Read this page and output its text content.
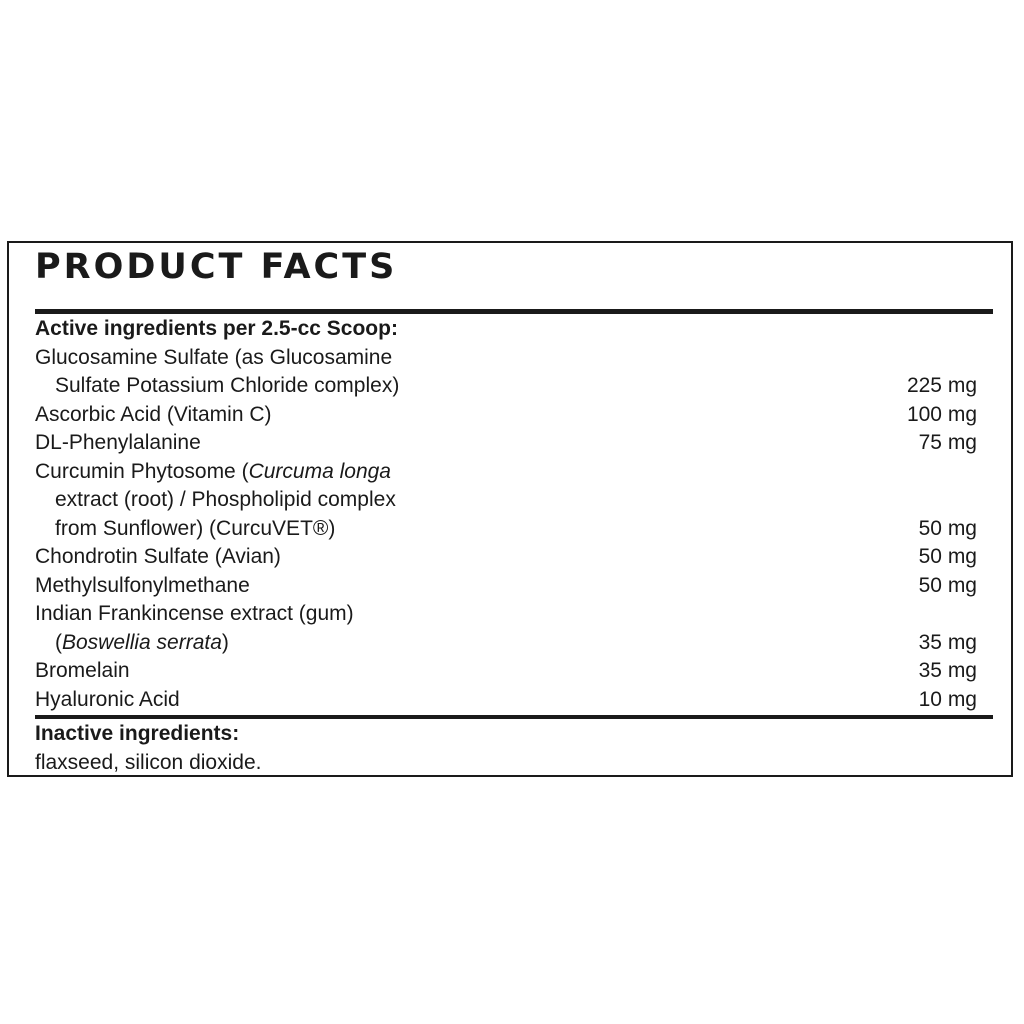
PRODUCT FACTS
Active ingredients per 2.5-cc Scoop:
Glucosamine Sulfate (as Glucosamine
Sulfate Potassium Chloride complex)	225 mg
Ascorbic Acid (Vitamin C)	100 mg
DL-Phenylalanine	75 mg
Curcumin Phytosome (Curcuma longa
extract (root) / Phospholipid complex
from Sunflower) (CurcuVET®)	50 mg
Chondrotin Sulfate (Avian)	50 mg
Methylsulfonylmethane	50 mg
Indian Frankincense extract (gum)
(Boswellia serrata)	35 mg
Bromelain	35 mg
Hyaluronic Acid	10 mg
Inactive ingredients:
flaxseed, silicon dioxide.
